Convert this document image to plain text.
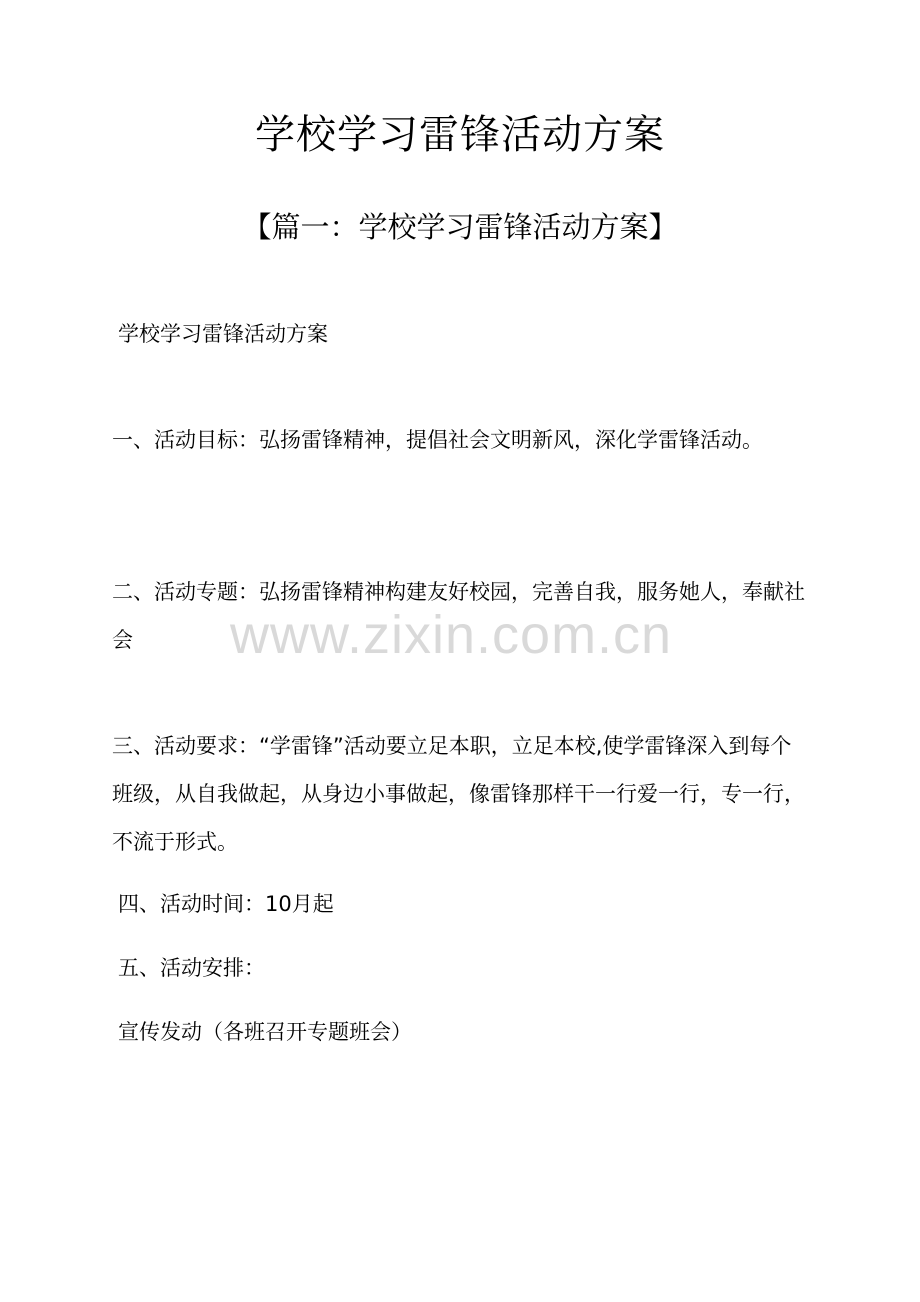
学校学习雷锋活动方案
【篇一：学校学习雷锋活动方案】
学校学习雷锋活动方案
一、活动目标：弘扬雷锋精神，提倡社会文明新风，深化学雷锋活动。
二、活动专题：弘扬雷锋精神构建友好校园，完善自我，服务她人，奉献社会
三、活动要求：“学雷锋”活动要立足本职，立足本校,使学雷锋深入到每个班级，从自我做起，从身边小事做起，像雷锋那样干一行爱一行，专一行，不流于形式。
四、活动时间：10月起
五、活动安排：
宣传发动（各班召开专题班会）
www.zixin.com.cn
